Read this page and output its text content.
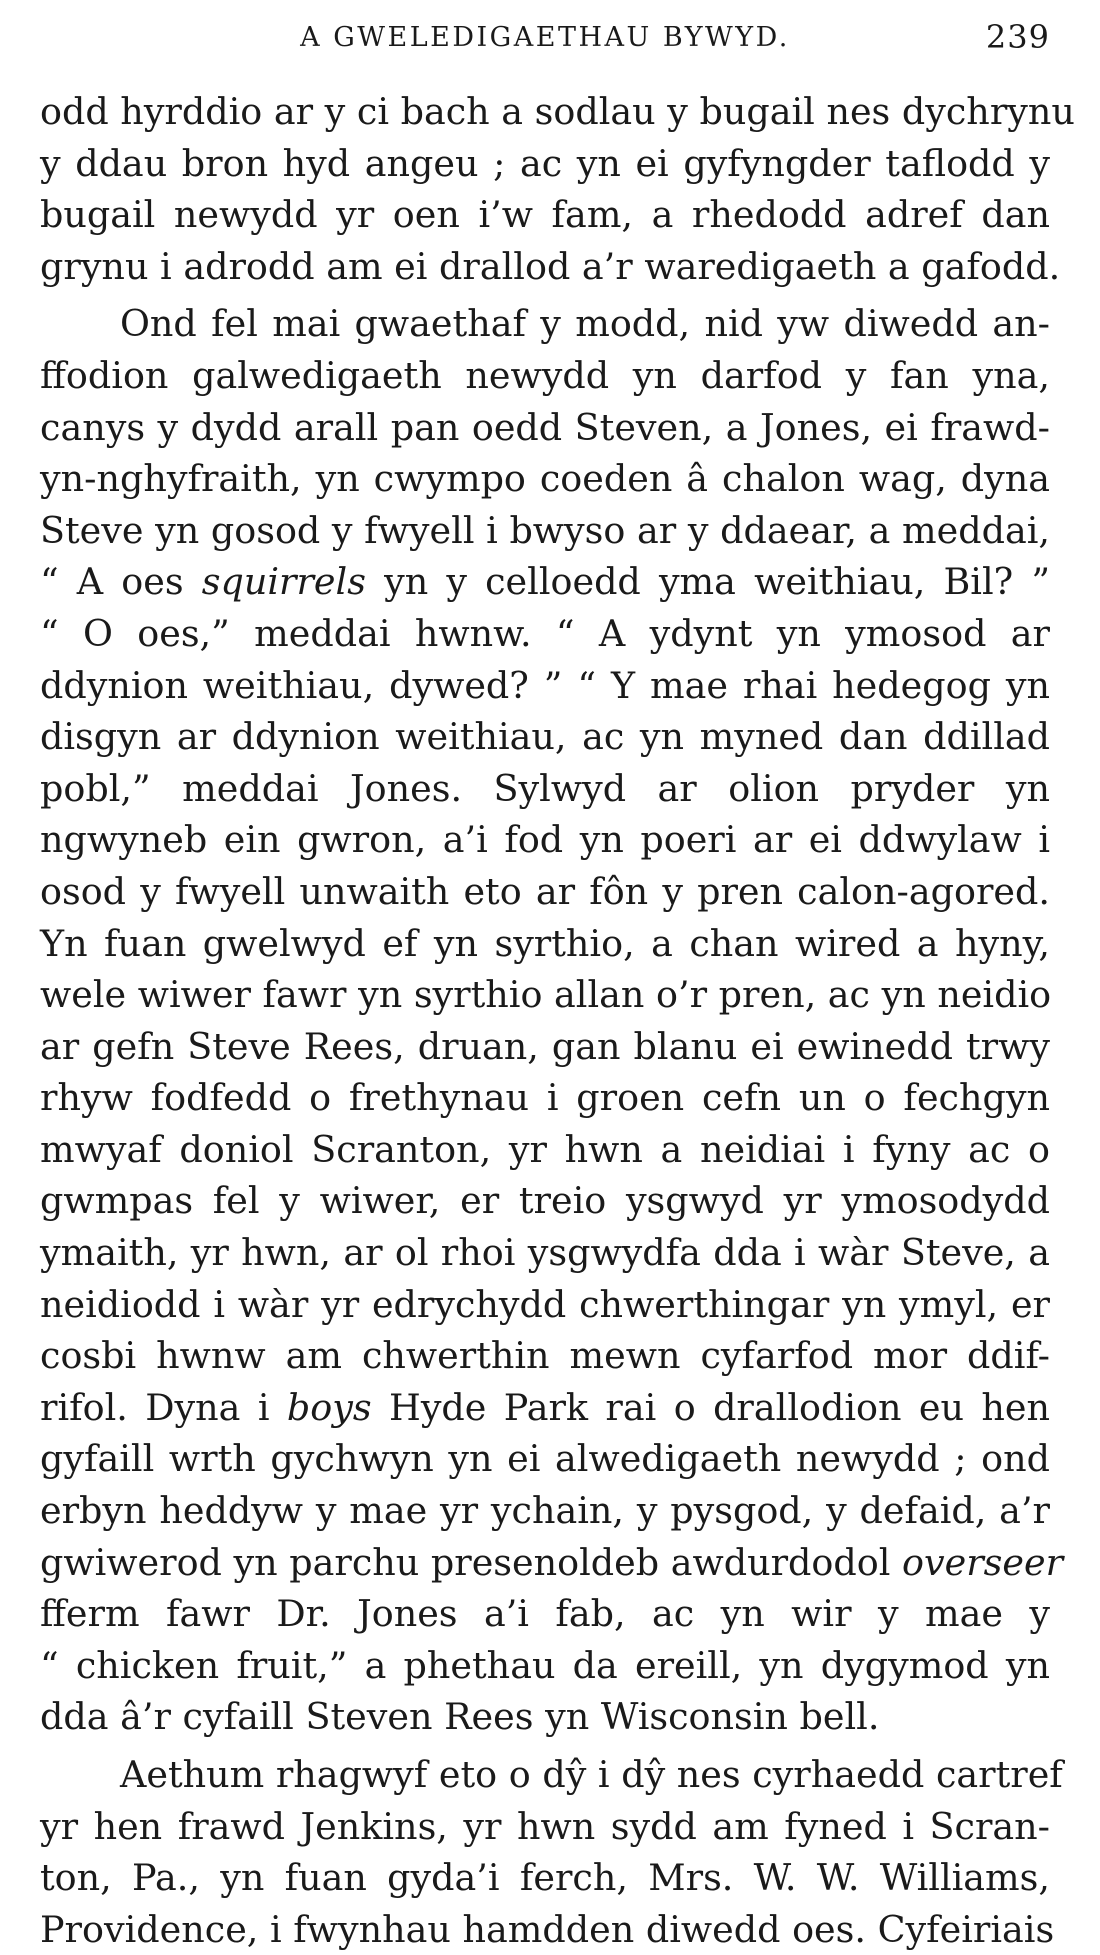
A GWELEDIGAETHAU BYWYD.	239
odd hyrddio ar y ci bach a sodlau y bugail nes dychrynu
y ddau bron hyd angeu ; ac yn ei gyfyngder taflodd y
bugail newydd yr oen i’w fam, a rhedodd adref dan
grynu i adrodd am ei drallod a’r waredigaeth a gafodd.
Ond fel mai gwaethaf y modd, nid yw diwedd an-
ffodion galwedigaeth newydd yn darfod y fan yna,
canys y dydd arall pan oedd Steven, a Jones, ei frawd-
yn-nghyfraith, yn cwympo coeden â chalon wag, dyna
Steve yn gosod y fwyell i bwyso ar y ddaear, a meddai,
“ A oes squirrels yn y celloedd yma weithiau, Bil? ”
“ O oes,” meddai hwnw. “ A ydynt yn ymosod ar
ddynion weithiau, dywed? ” “ Y mae rhai hedegog yn
disgyn ar ddynion weithiau, ac yn myned dan ddillad
pobl,” meddai Jones. Sylwyd ar olion pryder yn
ngwyneb ein gwron, a’i fod yn poeri ar ei ddwylaw i
osod y fwyell unwaith eto ar fôn y pren calon-agored.
Yn fuan gwelwyd ef yn syrthio, a chan wired a hyny,
wele wiwer fawr yn syrthio allan o’r pren, ac yn neidio
ar gefn Steve Rees, druan, gan blanu ei ewinedd trwy
rhyw fodfedd o frethynau i groen cefn un o fechgyn
mwyaf doniol Scranton, yr hwn a neidiai i fyny ac o
gwmpas fel y wiwer, er treio ysgwyd yr ymosodydd
ymaith, yr hwn, ar ol rhoi ysgwydfa dda i wàr Steve, a
neidiodd i wàr yr edrychydd chwerthingar yn ymyl, er
cosbi hwnw am chwerthin mewn cyfarfod mor ddif-
rifol. Dyna i boys Hyde Park rai o drallodion eu hen
gyfaill wrth gychwyn yn ei alwedigaeth newydd ; ond
erbyn heddyw y mae yr ychain, y pysgod, y defaid, a’r
gwiwerod yn parchu presenoldeb awdurdodol overseer
fferm fawr Dr. Jones a’i fab, ac yn wir y mae y
“ chicken fruit,” a phethau da ereill, yn dygymod yn
dda â’r cyfaill Steven Rees yn Wisconsin bell.
Aethum rhagwyf eto o dŷ i dŷ nes cyrhaedd cartref
yr hen frawd Jenkins, yr hwn sydd am fyned i Scran-
ton, Pa., yn fuan gyda’i ferch, Mrs. W. W. Williams,
Providence, i fwynhau hamdden diwedd oes. Cyfeiriais
